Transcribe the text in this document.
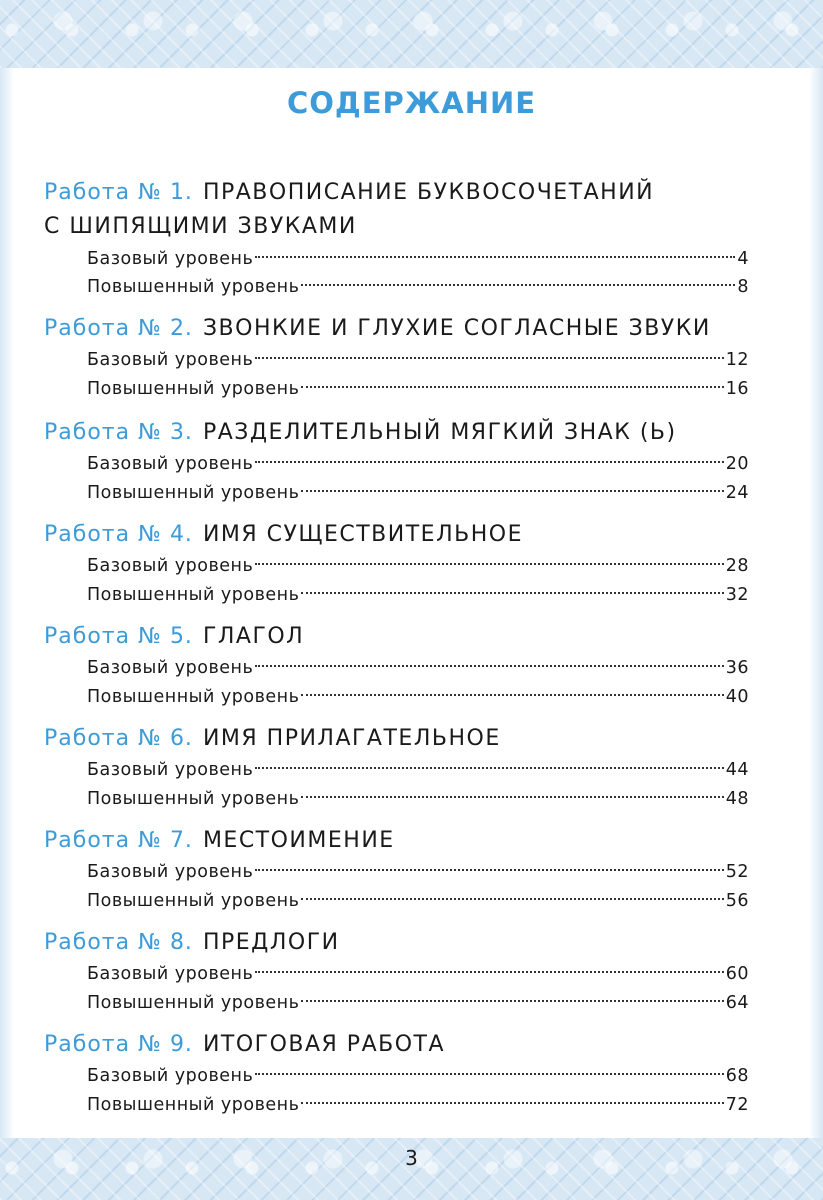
СОДЕРЖАНИЕ
Работа № 1. ПРАВОПИСАНИЕ БУКВОСОЧЕТАНИЙ
С ШИПЯЩИМИ ЗВУКАМИ
Базовый уровень	4
Повышенный уровень	8
Работа № 2. ЗВОНКИЕ И ГЛУХИЕ СОГЛАСНЫЕ ЗВУКИ
Базовый уровень	12
Повышенный уровень	16
Работа № 3. РАЗДЕЛИТЕЛЬНЫЙ МЯГКИЙ ЗНАК (Ь)
Базовый уровень	20
Повышенный уровень	24
Работа № 4. ИМЯ СУЩЕСТВИТЕЛЬНОЕ
Базовый уровень	28
Повышенный уровень	32
Работа № 5. ГЛАГОЛ
Базовый уровень	36
Повышенный уровень	40
Работа № 6. ИМЯ ПРИЛАГАТЕЛЬНОЕ
Базовый уровень	44
Повышенный уровень	48
Работа № 7. МЕСТОИМЕНИЕ
Базовый уровень	52
Повышенный уровень	56
Работа № 8. ПРЕДЛОГИ
Базовый уровень	60
Повышенный уровень	64
Работа № 9. ИТОГОВАЯ РАБОТА
Базовый уровень	68
Повышенный уровень	72
3
